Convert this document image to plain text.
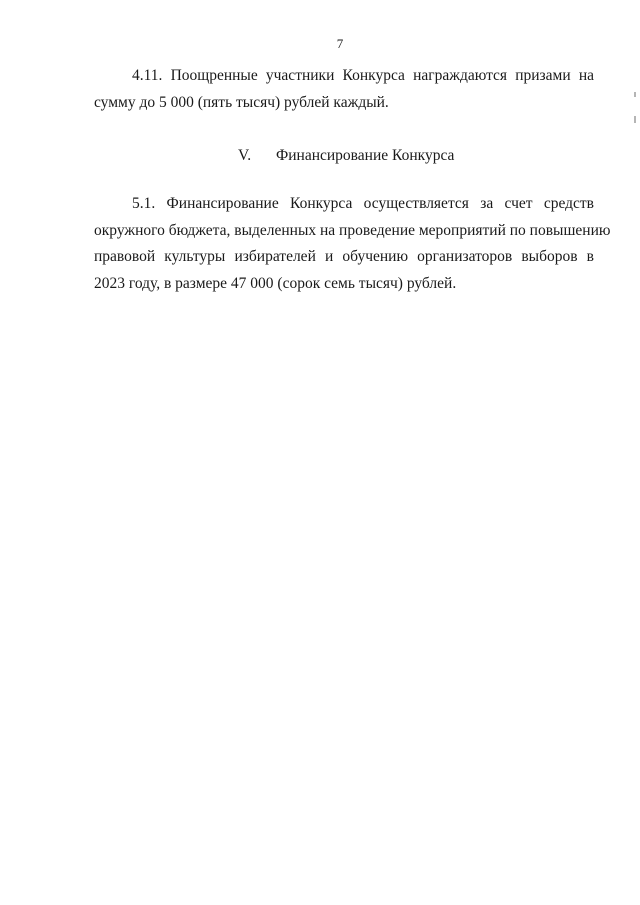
7
4.11. Поощренные участники Конкурса награждаются призами на
сумму до 5 000 (пять тысяч) рублей каждый.
V. Финансирование Конкурса
5.1. Финансирование Конкурса осуществляется за счет средств
окружного бюджета, выделенных на проведение мероприятий по повышению
правовой культуры избирателей и обучению организаторов выборов в
2023 году, в размере 47 000 (сорок семь тысяч) рублей.
